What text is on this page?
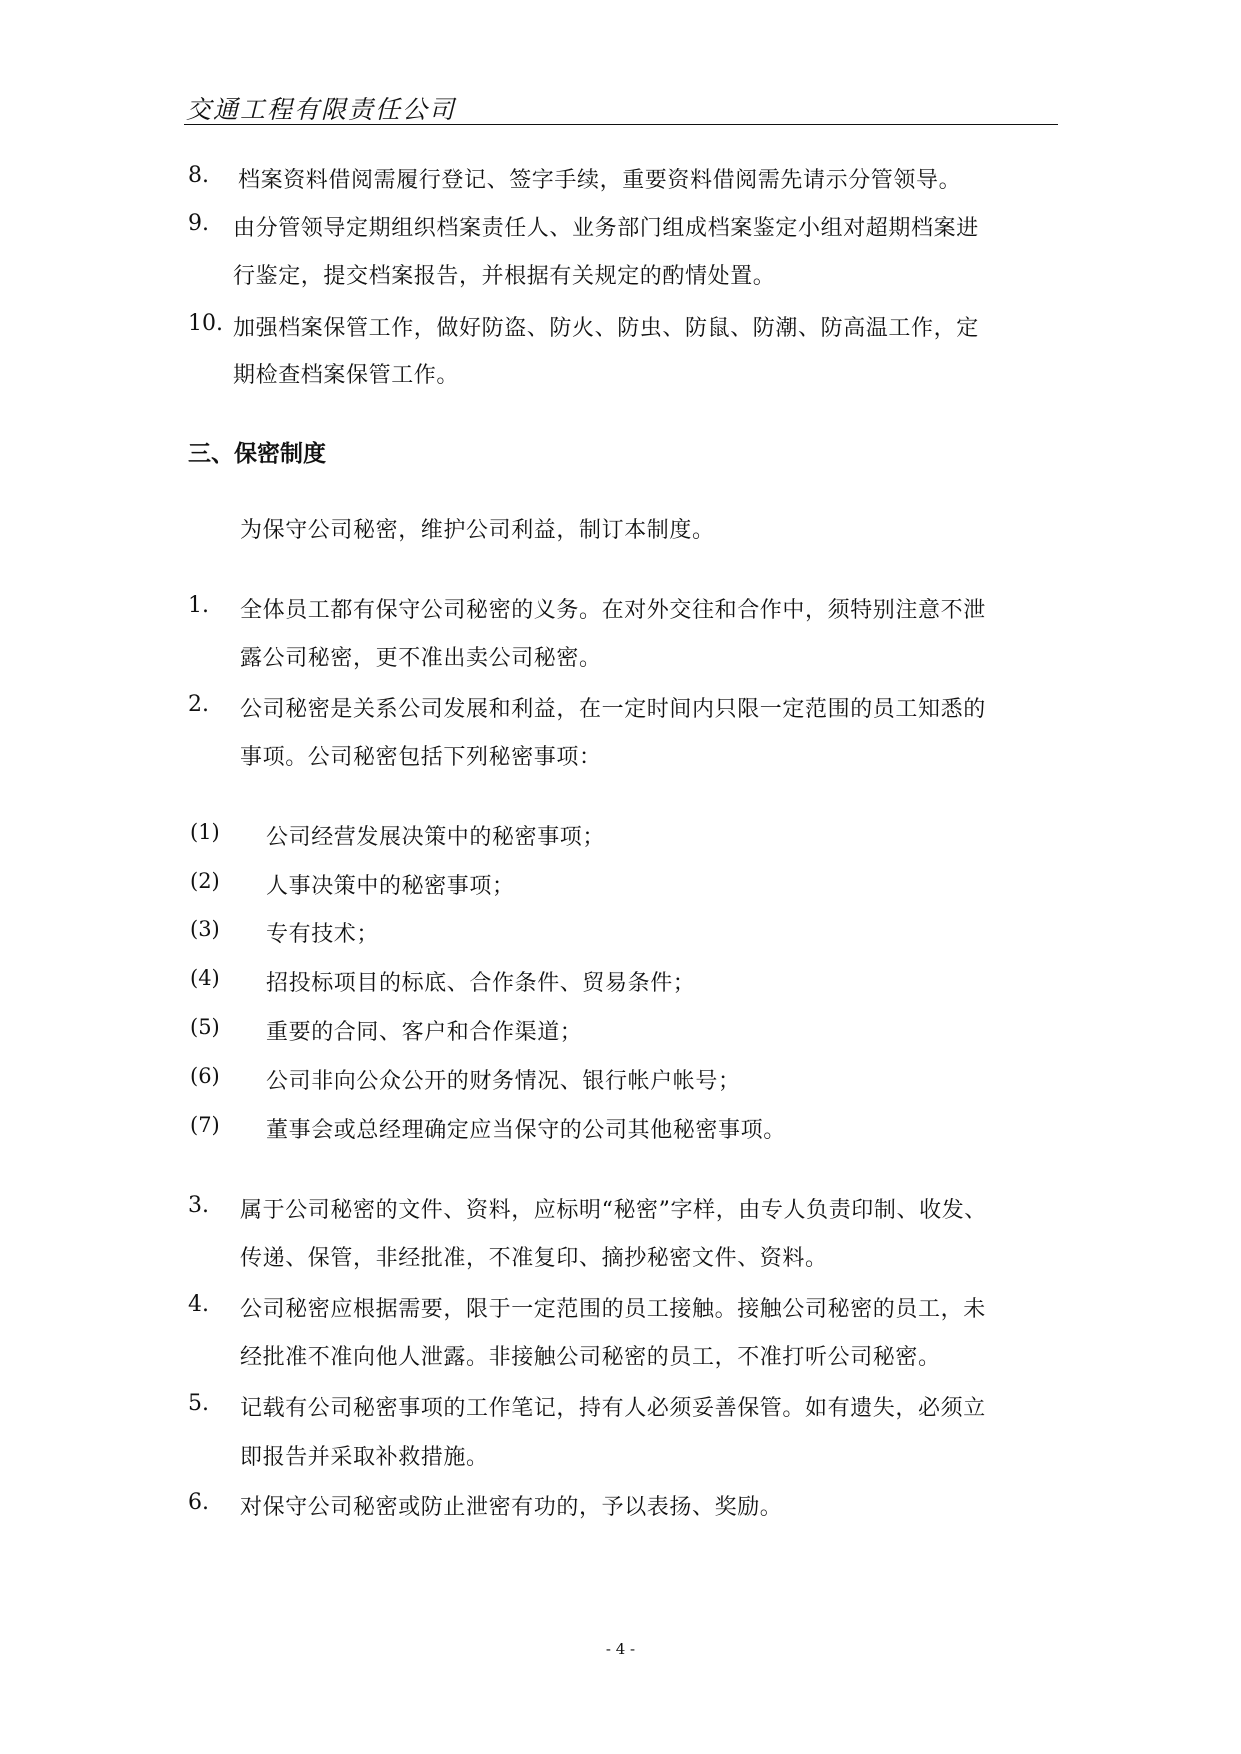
交通工程有限责任公司
8. 档案资料借阅需履行登记、签字手续，重要资料借阅需先请示分管领导。
9. 由分管领导定期组织档案责任人、业务部门组成档案鉴定小组对超期档案进
行鉴定，提交档案报告，并根据有关规定的酌情处置。
10. 加强档案保管工作，做好防盗、防火、防虫、防鼠、防潮、防高温工作，定
期检查档案保管工作。
三、保密制度
为保守公司秘密，维护公司利益，制订本制度。
1. 全体员工都有保守公司秘密的义务。在对外交往和合作中，须特别注意不泄
露公司秘密，更不准出卖公司秘密。
2. 公司秘密是关系公司发展和利益，在一定时间内只限一定范围的员工知悉的
事项。公司秘密包括下列秘密事项：
(1) 公司经营发展决策中的秘密事项；
(2) 人事决策中的秘密事项；
(3) 专有技术；
(4) 招投标项目的标底、合作条件、贸易条件；
(5) 重要的合同、客户和合作渠道；
(6) 公司非向公众公开的财务情况、银行帐户帐号；
(7) 董事会或总经理确定应当保守的公司其他秘密事项。
3. 属于公司秘密的文件、资料，应标明“秘密”字样，由专人负责印制、收发、
传递、保管，非经批准，不准复印、摘抄秘密文件、资料。
4. 公司秘密应根据需要，限于一定范围的员工接触。接触公司秘密的员工，未
经批准不准向他人泄露。非接触公司秘密的员工，不准打听公司秘密。
5. 记载有公司秘密事项的工作笔记，持有人必须妥善保管。如有遗失，必须立
即报告并采取补救措施。
6. 对保守公司秘密或防止泄密有功的，予以表扬、奖励。
- 4 -
